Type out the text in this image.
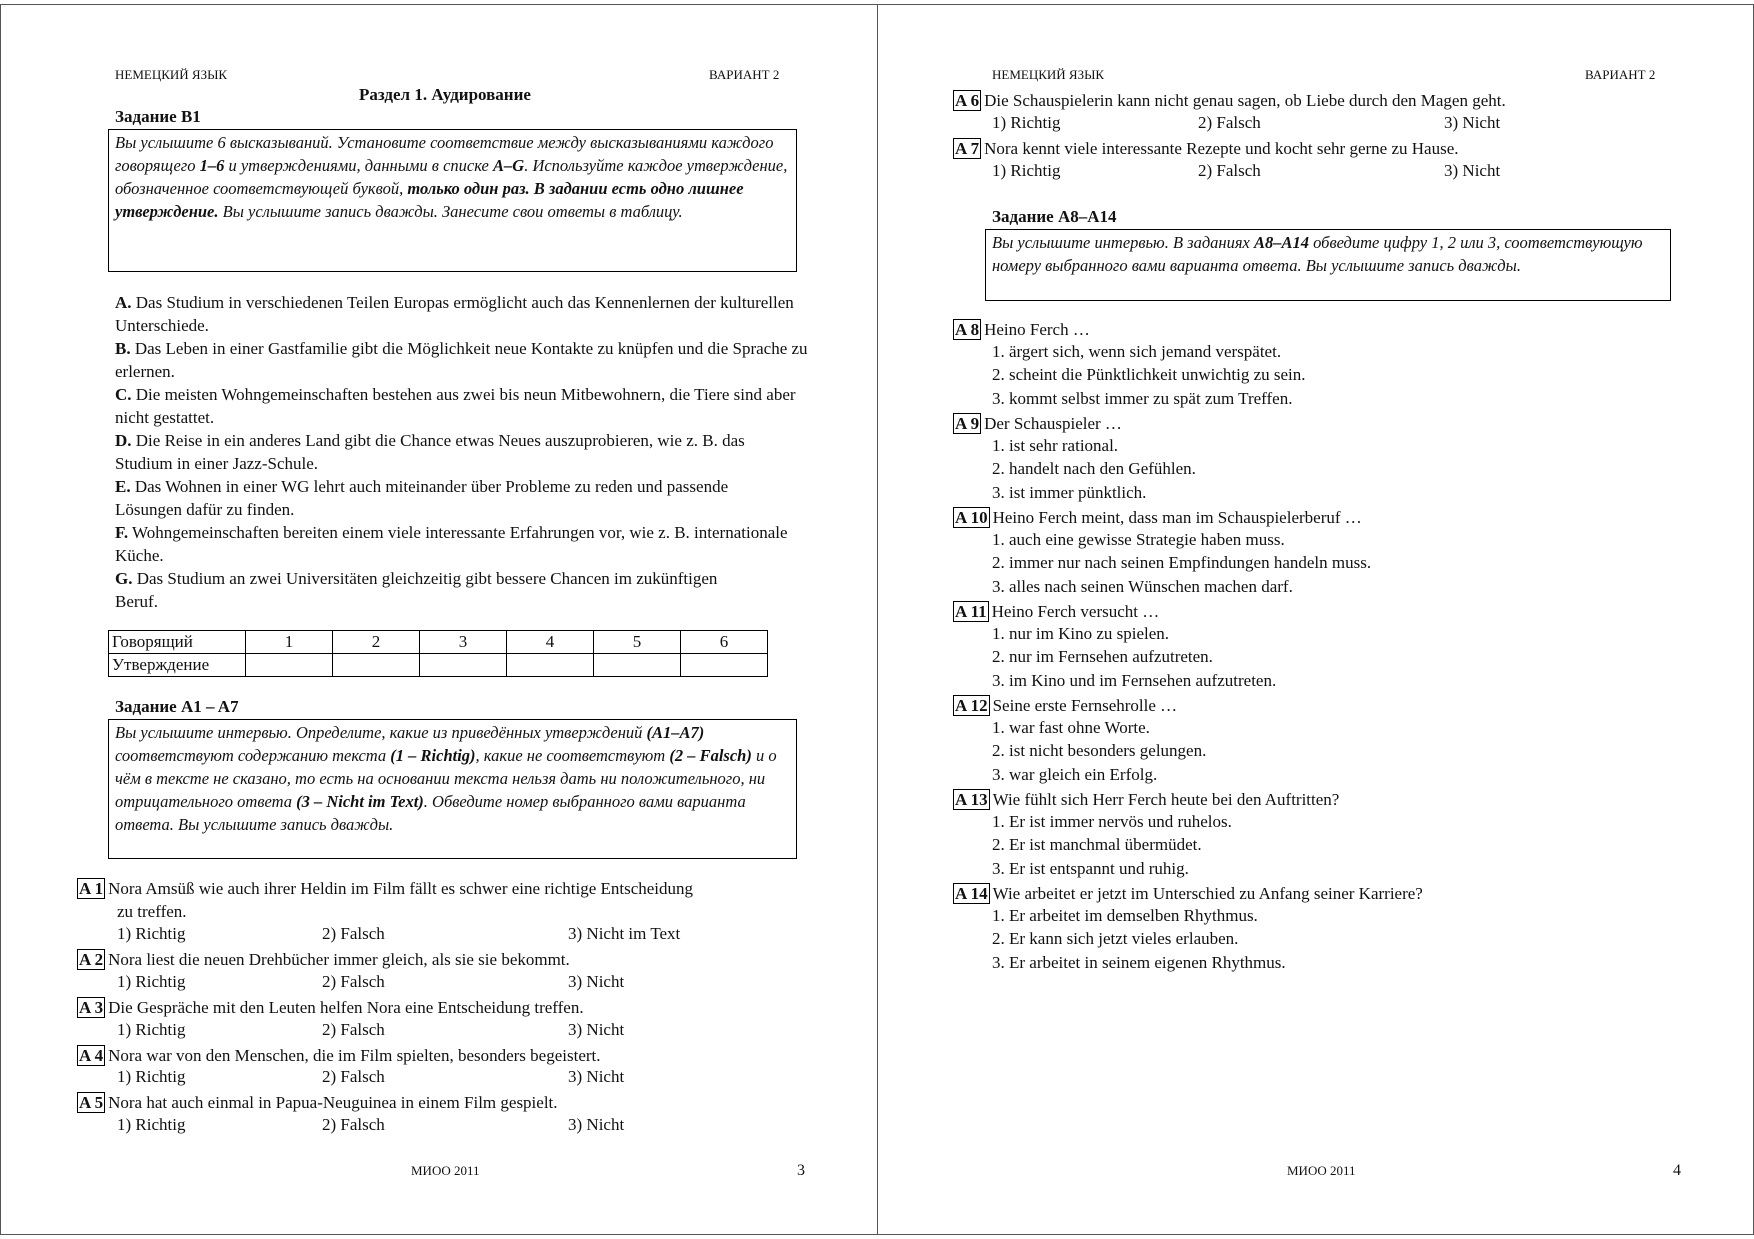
НЕМЕЦКИЙ ЯЗЫК	ВАРИАНТ 2
Раздел 1. Аудирование
Задание B1
Вы услышите 6 высказываний. Установите соответствие между высказываниями каждого говорящего 1–6 и утверждениями, данными в списке A–G. Используйте каждое утверждение, обозначенное соответствующей буквой, только один раз. В задании есть одно лишнее утверждение. Вы услышите запись дважды. Занесите свои ответы в таблицу.
A. Das Studium in verschiedenen Teilen Europas ermöglicht auch das Kennenlernen der kulturellen Unterschiede.
B. Das Leben in einer Gastfamilie gibt die Möglichkeit neue Kontakte zu knüpfen und die Sprache zu erlernen.
C. Die meisten Wohngemeinschaften bestehen aus zwei bis neun Mitbewohnern, die Tiere sind aber nicht gestattet.
D. Die Reise in ein anderes Land gibt die Chance etwas Neues auszuprobieren, wie z. B. das Studium in einer Jazz-Schule.
E. Das Wohnen in einer WG lehrt auch miteinander über Probleme zu reden und passende Lösungen dafür zu finden.
F. Wohngemeinschaften bereiten einem viele interessante Erfahrungen vor, wie z. B. internationale Küche.
G. Das Studium an zwei Universitäten gleichzeitig gibt bessere Chancen im zukünftigen Beruf.
Говорящий	1	2	3	4	5	6
Утверждение						
Задание A1 – A7
Вы услышите интервью. Определите, какие из приведённых утверждений (A1–A7) соответствуют содержанию текста (1 – Richtig), какие не соответствуют (2 – Falsch) и о чём в тексте не сказано, то есть на основании текста нельзя дать ни положительного, ни отрицательного ответа (3 – Nicht im Text). Обведите номер выбранного вами варианта ответа. Вы услышите запись дважды.
A 1 Nora Amsüß wie auch ihrer Heldin im Film fällt es schwer eine richtige Entscheidung
zu treffen.
1) Richtig	2) Falsch	3) Nicht im Text
A 2 Nora liest die neuen Drehbücher immer gleich, als sie sie bekommt.
1) Richtig	2) Falsch	3) Nicht
A 3 Die Gespräche mit den Leuten helfen Nora eine Entscheidung treffen.
1) Richtig	2) Falsch	3) Nicht
A 4 Nora war von den Menschen, die im Film spielten, besonders begeistert.
1) Richtig	2) Falsch	3) Nicht
A 5 Nora hat auch einmal in Papua-Neuguinea in einem Film gespielt.
1) Richtig	2) Falsch	3) Nicht
МИОО 2011	3
НЕМЕЦКИЙ ЯЗЫК	ВАРИАНТ 2
A 6 Die Schauspielerin kann nicht genau sagen, ob Liebe durch den Magen geht.
1) Richtig	2) Falsch	3) Nicht
A 7 Nora kennt viele interessante Rezepte und kocht sehr gerne zu Hause.
1) Richtig	2) Falsch	3) Nicht
Задание A8–A14
Вы услышите интервью. В заданиях A8–A14 обведите цифру 1, 2 или 3, соответствующую номеру выбранного вами варианта ответа. Вы услышите запись дважды.
A 8 Heino Ferch …
1. ärgert sich, wenn sich jemand verspätet.
2. scheint die Pünktlichkeit unwichtig zu sein.
3. kommt selbst immer zu spät zum Treffen.
A 9 Der Schauspieler …
1. ist sehr rational.
2. handelt nach den Gefühlen.
3. ist immer pünktlich.
A 10 Heino Ferch meint, dass man im Schauspielerberuf …
1. auch eine gewisse Strategie haben muss.
2. immer nur nach seinen Empfindungen handeln muss.
3. alles nach seinen Wünschen machen darf.
A 11 Heino Ferch versucht …
1. nur im Kino zu spielen.
2. nur im Fernsehen aufzutreten.
3. im Kino und im Fernsehen aufzutreten.
A 12 Seine erste Fernsehrolle …
1. war fast ohne Worte.
2. ist nicht besonders gelungen.
3. war gleich ein Erfolg.
A 13 Wie fühlt sich Herr Ferch heute bei den Auftritten?
1. Er ist immer nervös und ruhelos.
2. Er ist manchmal übermüdet.
3. Er ist entspannt und ruhig.
A 14 Wie arbeitet er jetzt im Unterschied zu Anfang seiner Karriere?
1. Er arbeitet im demselben Rhythmus.
2. Er kann sich jetzt vieles erlauben.
3. Er arbeitet in seinem eigenen Rhythmus.
МИОО 2011	4
